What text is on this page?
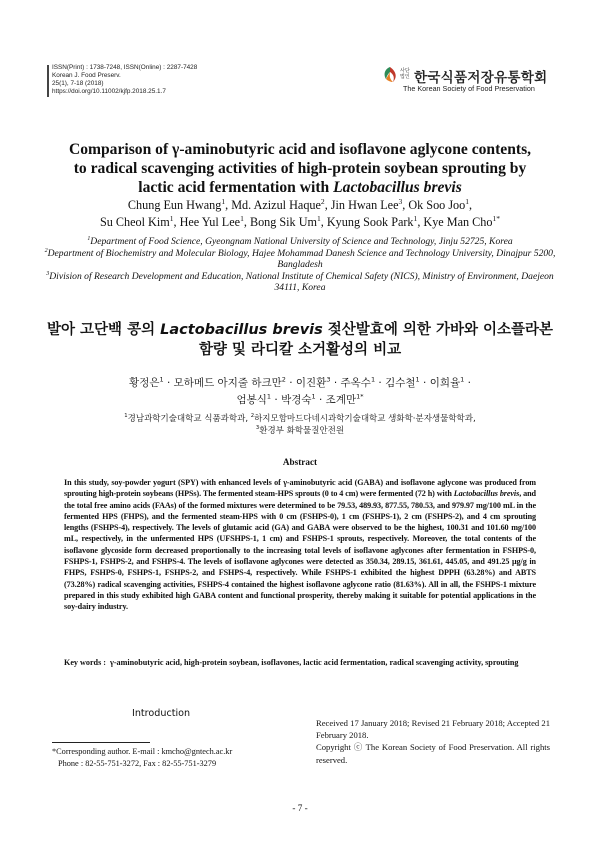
ISSN(Print) : 1738-7248, ISSN(Online) : 2287-7428
Korean J. Food Preserv.
25(1), 7-18 (2018)
https://doi.org/10.11002/kjfp.2018.25.1.7
사단
법인 한국식품저장유통학회
The Korean Society of Food Preservation
Comparison of γ-aminobutyric acid and isoflavone aglycone contents,
to radical scavenging activities of high-protein soybean sprouting by
lactic acid fermentation with Lactobacillus brevis
Chung Eun Hwang$^1$, Md. Azizul Haque$^2$, Jin Hwan Lee$^3$, Ok Soo Joo$^1$,
Su Cheol Kim$^1$, Hee Yul Lee$^1$, Bong Sik Um$^1$, Kyung Sook Park$^1$, Kye Man Cho$^{1*}$
$^1$Department of Food Science, Gyeongnam National University of Science and Technology, Jinju 52725, Korea
$^2$Department of Biochemistry and Molecular Biology, Hajee Mohammad Danesh Science and Technology University, Dinajpur 5200, Bangladesh
$^3$Division of Research Development and Education, National Institute of Chemical Safety (NICS), Ministry of Environment, Daejeon 34111, Korea
발아 고단백 콩의 Lactobacillus brevis 젖산발효에 의한 가바와 이소플라본
함량 및 라디칼 소거활성의 비교
황정은$^1$ · 모하메드 아지줄 하크만$^2$ · 이진환$^3$ · 주옥수$^1$ · 김수철$^1$ · 이희율$^1$ ·
엄봉식$^1$ · 박경숙$^1$ · 조계만$^{1*}$
$^1$경남과학기술대학교 식품과학과, $^2$하지모함마드다네시과학기술대학교 생화학·분자생물학학과,
$^3$환경부 화학물질안전원
Abstract
In this study, soy-powder yogurt (SPY) with enhanced levels of γ-aminobutyric acid (GABA) and isoflavone aglycone was produced from sprouting high-protein soybeans (HPSs). The fermented steam-HPS sprouts (0 to 4 cm) were fermented (72 h) with Lactobacillus brevis, and the total free amino acids (FAAs) of the formed mixtures were determined to be 79.53, 489.93, 877.55, 780.53, and 979.97 mg/100 mL in the fermented HPS (FHPS), and the fermented steam-HPS with 0 cm (FSHPS-0), 1 cm (FSHPS-1), 2 cm (FSHPS-2), and 4 cm sprouting lengths (FSHPS-4), respectively. The levels of glutamic acid (GA) and GABA were observed to be the highest, 100.31 and 101.60 mg/100 mL, respectively, in the unfermented HPS (UFSHPS-1, 1 cm) and FSHPS-1 sprouts, respectively. Moreover, the total contents of the isoflavone glycoside form decreased proportionally to the increasing total levels of isoflavone aglycones after fermentation in FSHPS-0, FSHPS-1, FSHPS-2, and FSHPS-4. The levels of isoflavone aglycones were detected as 350.34, 289.15, 361.61, 445.05, and 491.25 μg/g in FHPS, FSHPS-0, FSHPS-1, FSHPS-2, and FSHPS-4, respectively. While FSHPS-1 exhibited the highest DPPH (63.28%) and ABTS (73.28%) radical scavenging activities, FSHPS-4 contained the highest isoflavone aglycone ratio (81.63%). All in all, the FSHPS-1 mixture prepared in this study exhibited high GABA content and functional prosperity, thereby making it suitable for potential applications in the soy-dairy industry.
Key words : γ-aminobutyric acid, high-protein soybean, isoflavones, lactic acid fermentation, radical scavenging activity, sprouting
Introduction
*Corresponding author. E-mail : kmcho@gntech.ac.kr
Phone : 82-55-751-3272, Fax : 82-55-751-3279
Received 17 January 2018; Revised 21 February 2018; Accepted 21 February 2018.
Copyright ⓒ The Korean Society of Food Preservation. All rights reserved.
- 7 -
